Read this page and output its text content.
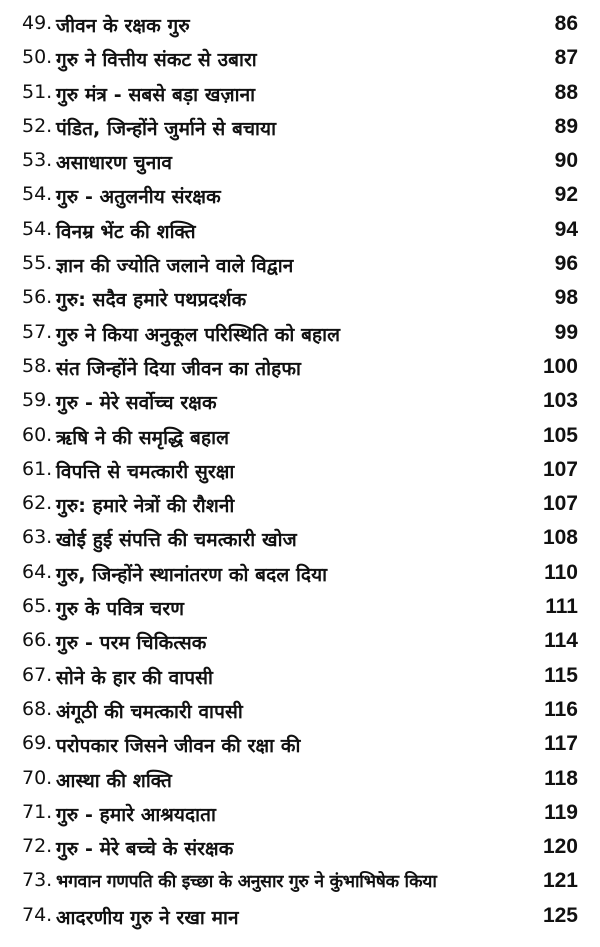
49. जीवन के रक्षक गुरु	86
50. गुरु ने वित्तीय संकट से उबारा	87
51. गुरु मंत्र - सबसे बड़ा खज़ाना	88
52. पंडित, जिन्होंने जुर्माने से बचाया	89
53. असाधारण चुनाव	90
54. गुरु - अतुलनीय संरक्षक	92
54. विनम्र भेंट की शक्ति	94
55. ज्ञान की ज्योति जलाने वाले विद्वान	96
56. गुरु: सदैव हमारे पथप्रदर्शक	98
57. गुरु ने किया अनुकूल परिस्थिति को बहाल	99
58. संत जिन्होंने दिया जीवन का तोहफा	100
59. गुरु - मेरे सर्वोच्च रक्षक	103
60. ऋषि ने की समृद्धि बहाल	105
61. विपत्ति से चमत्कारी सुरक्षा	107
62. गुरु: हमारे नेत्रों की रौशनी	107
63. खोई हुई संपत्ति की चमत्कारी खोज	108
64. गुरु, जिन्होंने स्थानांतरण को बदल दिया	110
65. गुरु के पवित्र चरण	111
66. गुरु - परम चिकित्सक	114
67. सोने के हार की वापसी	115
68. अंगूठी की चमत्कारी वापसी	116
69. परोपकार जिसने जीवन की रक्षा की	117
70. आस्था की शक्ति	118
71. गुरु - हमारे आश्रयदाता	119
72. गुरु - मेरे बच्चे के संरक्षक	120
73. भगवान गणपति की इच्छा के अनुसार गुरु ने कुंभाभिषेक किया	121
74. आदरणीय गुरु ने रखा मान	125
